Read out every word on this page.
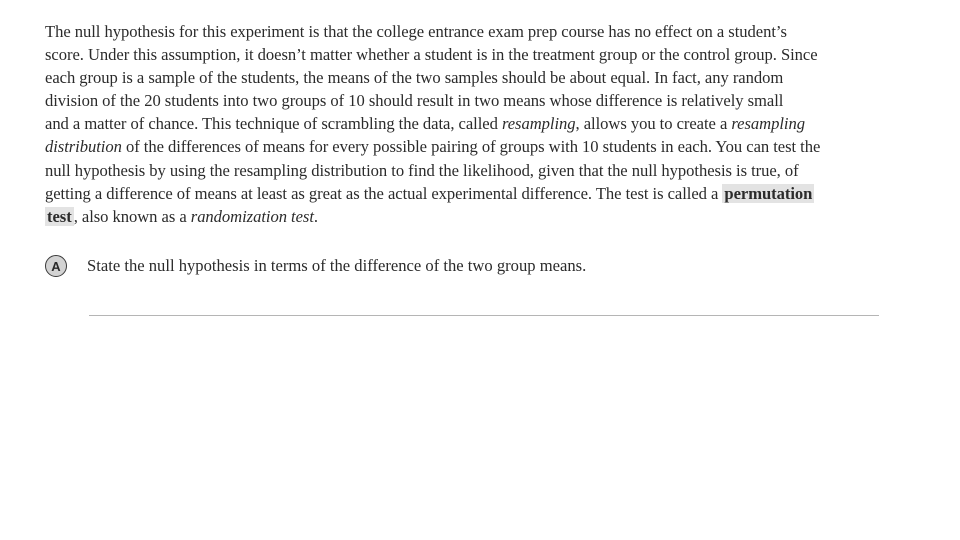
The null hypothesis for this experiment is that the college entrance exam prep course has no effect on a student’s
score. Under this assumption, it doesn’t matter whether a student is in the treatment group or the control group. Since
each group is a sample of the students, the means of the two samples should be about equal. In fact, any random
division of the 20 students into two groups of 10 should result in two means whose difference is relatively small
and a matter of chance. This technique of scrambling the data, called resampling, allows you to create a resampling
distribution of the differences of means for every possible pairing of groups with 10 students in each. You can test the
null hypothesis by using the resampling distribution to find the likelihood, given that the null hypothesis is true, of
getting a difference of means at least as great as the actual experimental difference. The test is called a permutation
test , also known as a randomization test.
A	State the null hypothesis in terms of the difference of the two group means.
